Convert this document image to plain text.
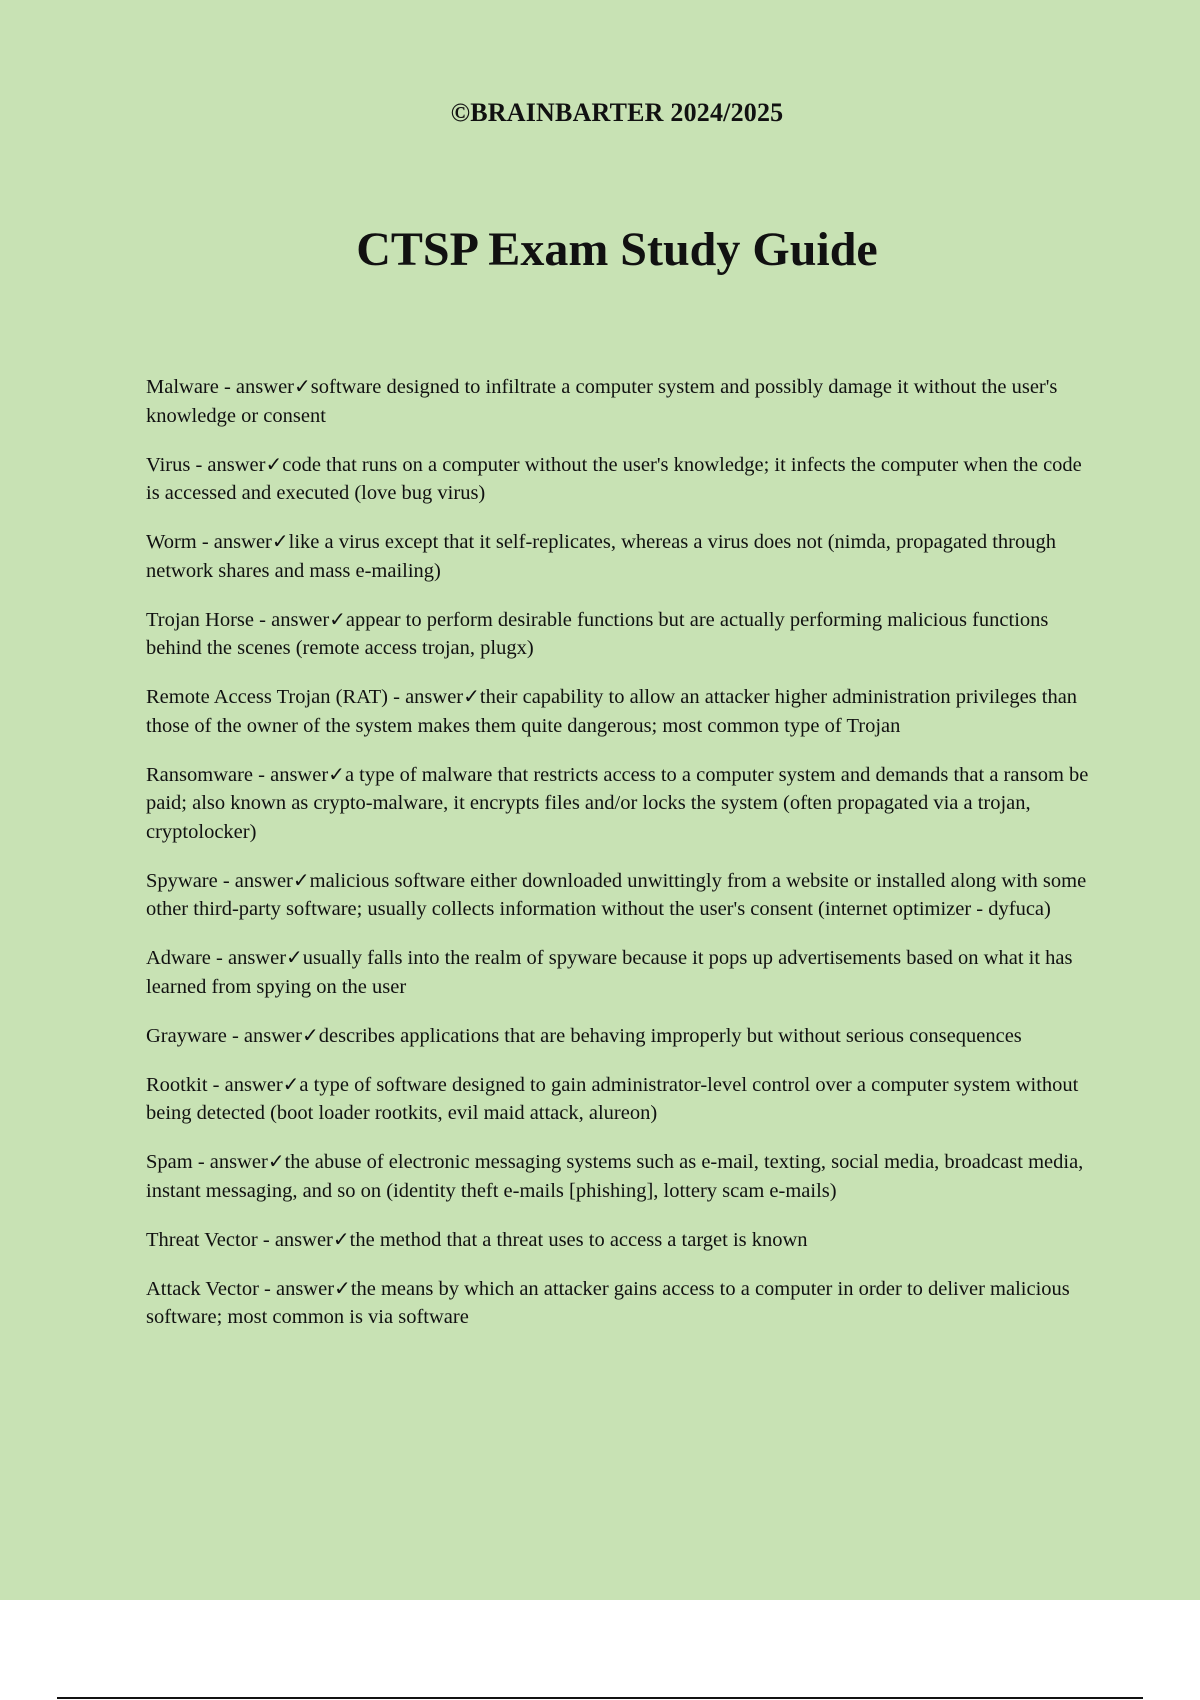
©BRAINBARTER 2024/2025
CTSP Exam Study Guide

Malware - answer✓software designed to infiltrate a computer system and possibly damage it without the user's knowledge or consent

Virus - answer✓code that runs on a computer without the user's knowledge; it infects the computer when the code is accessed and executed (love bug virus)

Worm - answer✓like a virus except that it self-replicates, whereas a virus does not (nimda, propagated through network shares and mass e-mailing)

Trojan Horse - answer✓appear to perform desirable functions but are actually performing malicious functions behind the scenes (remote access trojan, plugx)

Remote Access Trojan (RAT) - answer✓their capability to allow an attacker higher administration privileges than those of the owner of the system makes them quite dangerous; most common type of Trojan

Ransomware - answer✓a type of malware that restricts access to a computer system and demands that a ransom be paid; also known as crypto-malware, it encrypts files and/or locks the system (often propagated via a trojan, cryptolocker)

Spyware - answer✓malicious software either downloaded unwittingly from a website or installed along with some other third-party software; usually collects information without the user's consent (internet optimizer - dyfuca)

Adware - answer✓usually falls into the realm of spyware because it pops up advertisements based on what it has learned from spying on the user

Grayware - answer✓describes applications that are behaving improperly but without serious consequences

Rootkit - answer✓a type of software designed to gain administrator-level control over a computer system without being detected (boot loader rootkits, evil maid attack, alureon)

Spam - answer✓the abuse of electronic messaging systems such as e-mail, texting, social media, broadcast media, instant messaging, and so on (identity theft e-mails [phishing], lottery scam e-mails)

Threat Vector - answer✓the method that a threat uses to access a target is known

Attack Vector - answer✓the means by which an attacker gains access to a computer in order to deliver malicious software; most common is via software
